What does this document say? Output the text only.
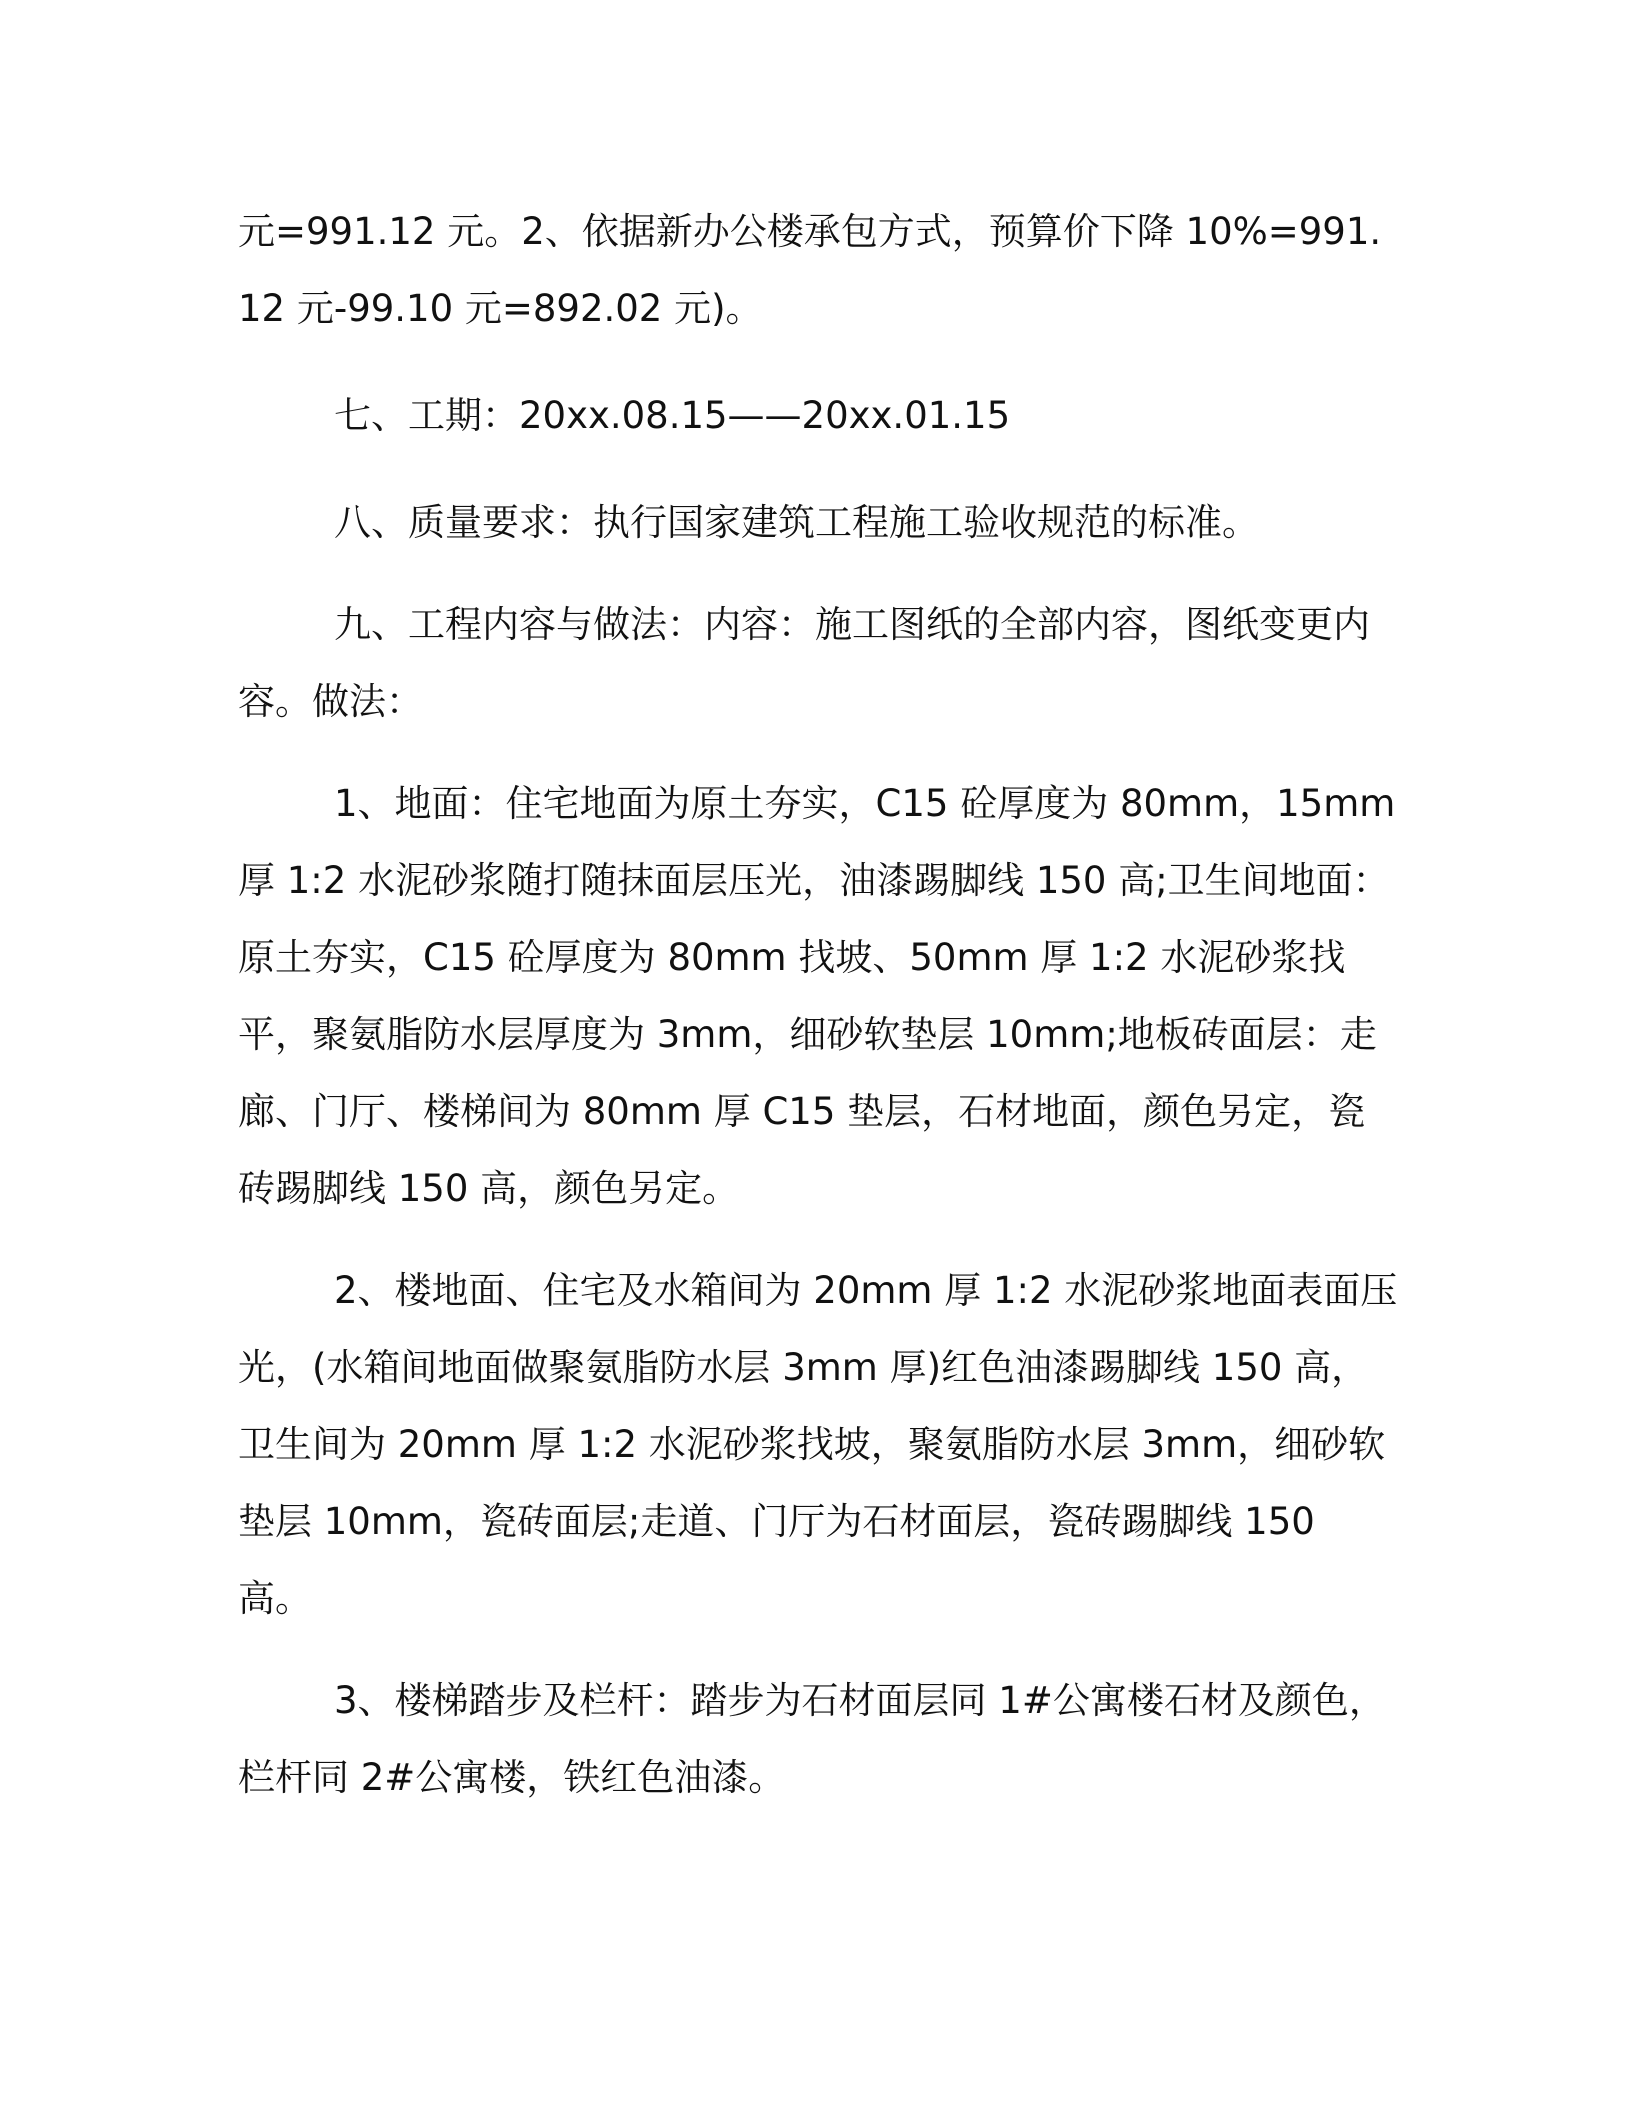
元=991.12 元。2、依据新办公楼承包方式，预算价下降 10%=991.12 元-99.10 元=892.02 元)。

七、工期：20xx.08.15——20xx.01.15

八、质量要求：执行国家建筑工程施工验收规范的标准。

九、工程内容与做法：内容：施工图纸的全部内容，图纸变更内容。做法：

1、地面：住宅地面为原土夯实，C15 砼厚度为 80mm，15mm 厚 1:2 水泥砂浆随打随抹面层压光，油漆踢脚线 150 高;卫生间地面：原土夯实，C15 砼厚度为 80mm 找坡、50mm 厚 1:2 水泥砂浆找平，聚氨脂防水层厚度为 3mm，细砂软垫层 10mm;地板砖面层：走廊、门厅、楼梯间为 80mm 厚 C15 垫层，石材地面，颜色另定，瓷砖踢脚线 150 高，颜色另定。

2、楼地面、住宅及水箱间为 20mm 厚 1:2 水泥砂浆地面表面压光，(水箱间地面做聚氨脂防水层 3mm 厚)红色油漆踢脚线 150 高，卫生间为 20mm 厚 1:2 水泥砂浆找坡，聚氨脂防水层 3mm，细砂软垫层 10mm，瓷砖面层;走道、门厅为石材面层，瓷砖踢脚线 150 高。

3、楼梯踏步及栏杆：踏步为石材面层同 1#公寓楼石材及颜色，栏杆同 2#公寓楼，铁红色油漆。
